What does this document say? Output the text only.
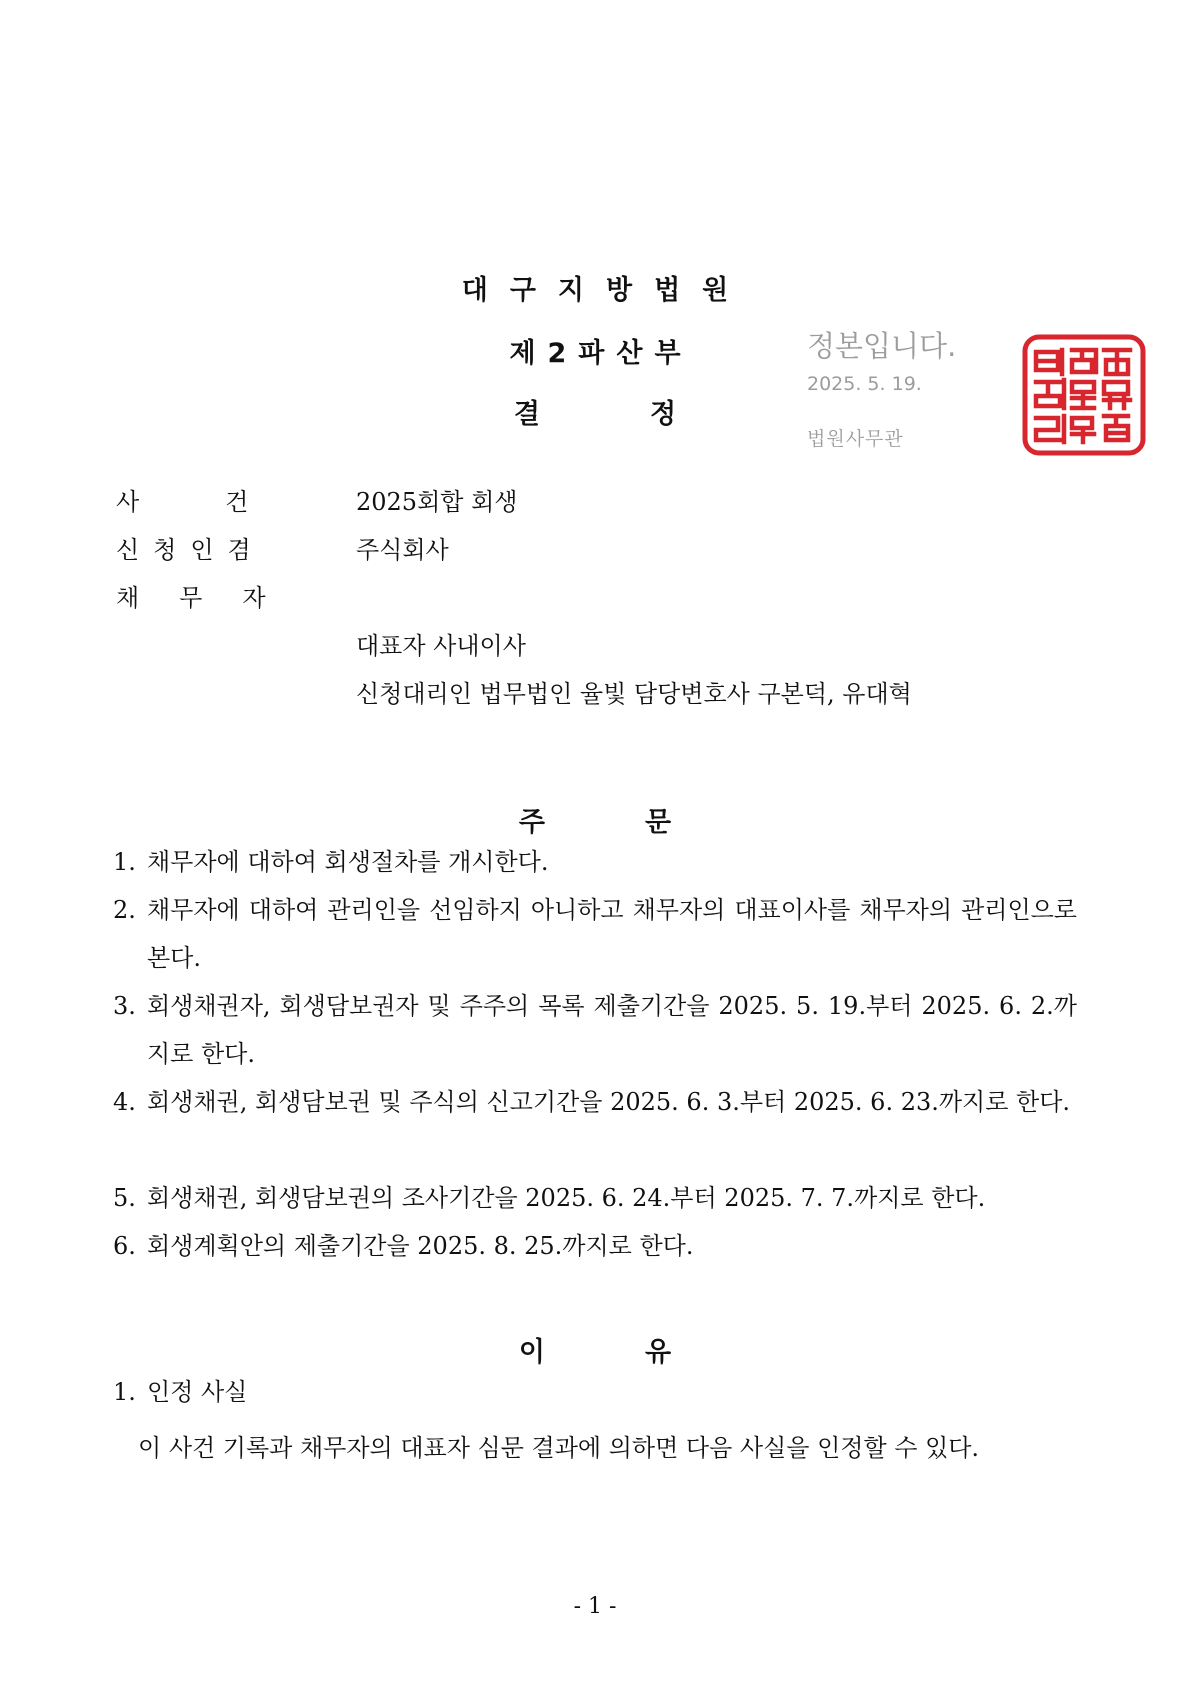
대구지방법원
제2파산부
결정
정본입니다.
2025. 5. 19.
법원사무관
사건 2025회합 회생
신청인겸	주식회사
채무자
대표자 사내이사
신청대리인 법무법인 율빛 담당변호사 구본덕, 유대혁
주문
1. 채무자에 대하여 회생절차를 개시한다.
2. 채무자에 대하여 관리인을 선임하지 아니하고 채무자의 대표이사를 채무자의 관리인으로 본다.
3. 회생채권자, 회생담보권자 및 주주의 목록 제출기간을 2025. 5. 19.부터 2025. 6. 2.까지로 한다.
4. 회생채권, 회생담보권 및 주식의 신고기간을 2025. 6. 3.부터 2025. 6. 23.까지로 한다.
5. 회생채권, 회생담보권의 조사기간을 2025. 6. 24.부터 2025. 7. 7.까지로 한다.
6. 회생계획안의 제출기간을 2025. 8. 25.까지로 한다.
이유
1. 인정 사실
이 사건 기록과 채무자의 대표자 심문 결과에 의하면 다음 사실을 인정할 수 있다.
- 1 -
